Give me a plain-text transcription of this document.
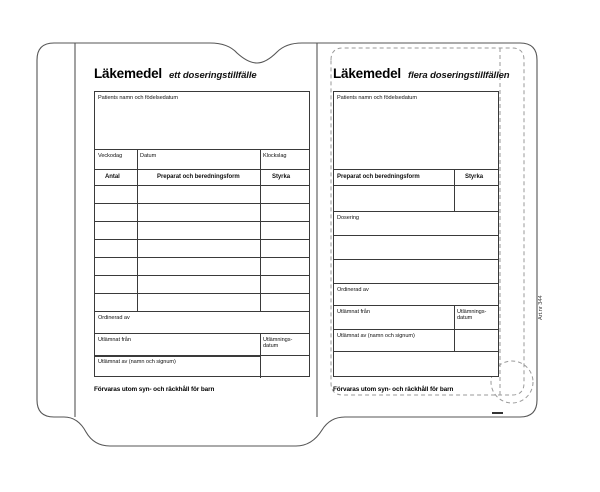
Läkemedel ett doseringstillfälle
Patients namn och födelsedatum
Veckodag	Datum	Klockslag
Antal	Preparat och beredningsform	Styrka
Ordinerad av
Utlämnat från	Utlämnings-
datum
Utlämnat av (namn och signum)
Förvaras utom syn- och räckhåll för barn
Läkemedel flera doseringstillfällen
Patients namn och födelsedatum
Preparat och beredningsform	Styrka
Dosering
Ordinerad av
Utlämnat från	Utlämnings-
datum
Utlämnat av (namn och signum)
Förvaras utom syn- och räckhåll för barn
Art.nr 344
